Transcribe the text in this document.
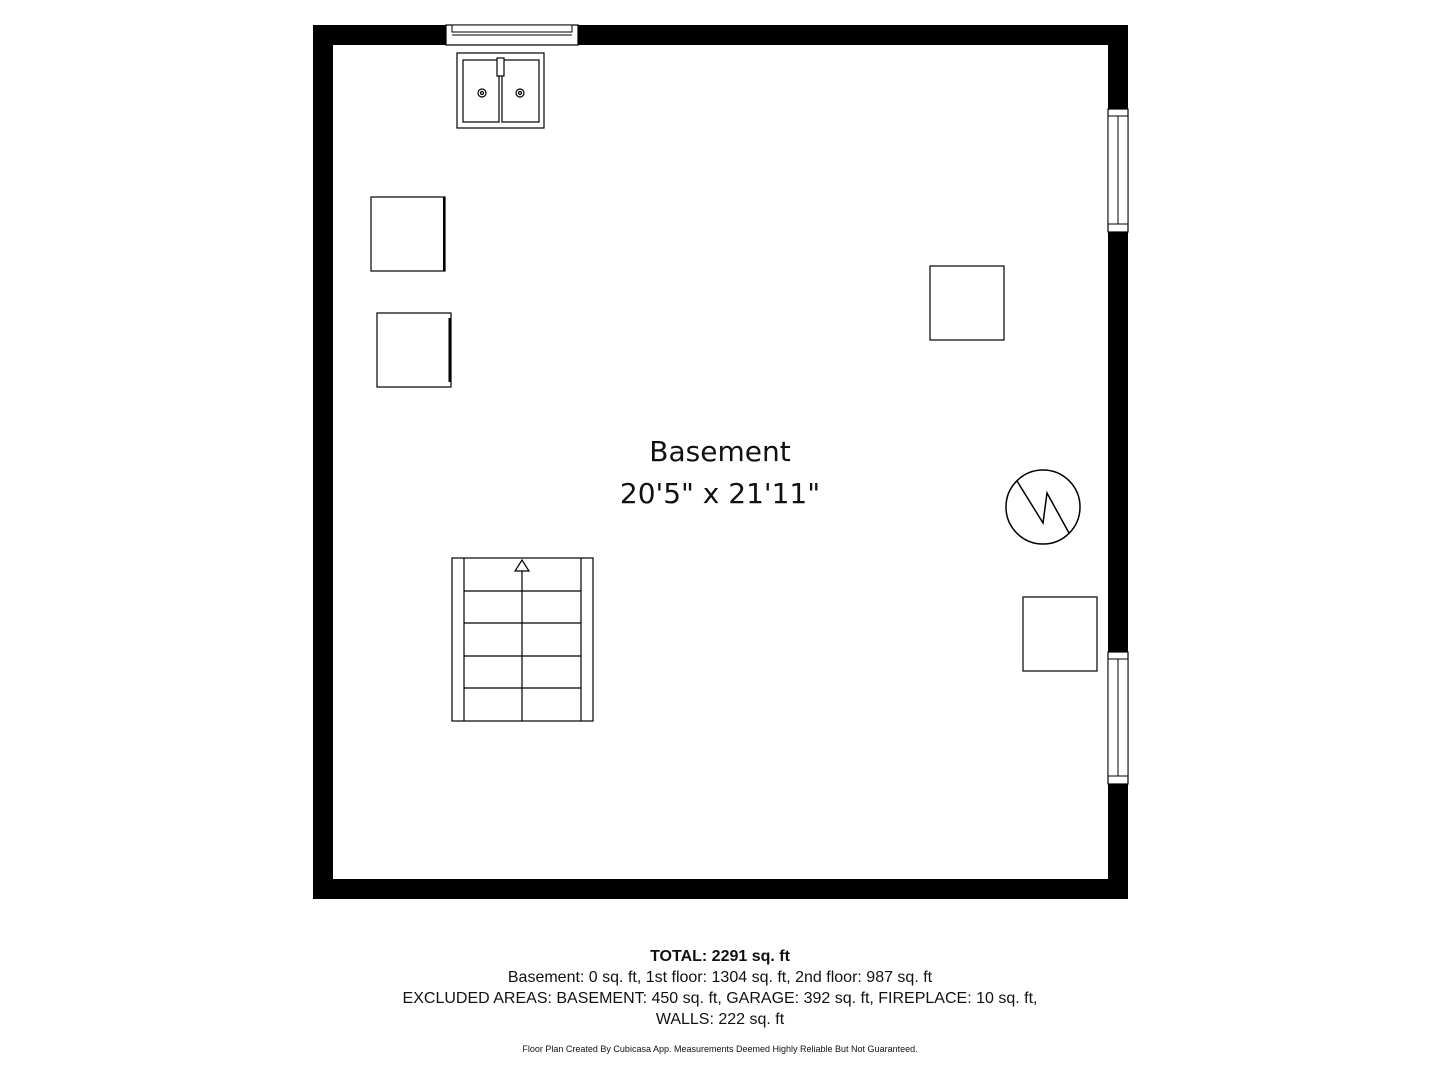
Basement
20'5" x 21'11"
TOTAL: 2291 sq. ft
Basement: 0 sq. ft, 1st floor: 1304 sq. ft, 2nd floor: 987 sq. ft
EXCLUDED AREAS: BASEMENT: 450 sq. ft, GARAGE: 392 sq. ft, FIREPLACE: 10 sq. ft,
WALLS: 222 sq. ft
Floor Plan Created By Cubicasa App. Measurements Deemed Highly Reliable But Not Guaranteed.
